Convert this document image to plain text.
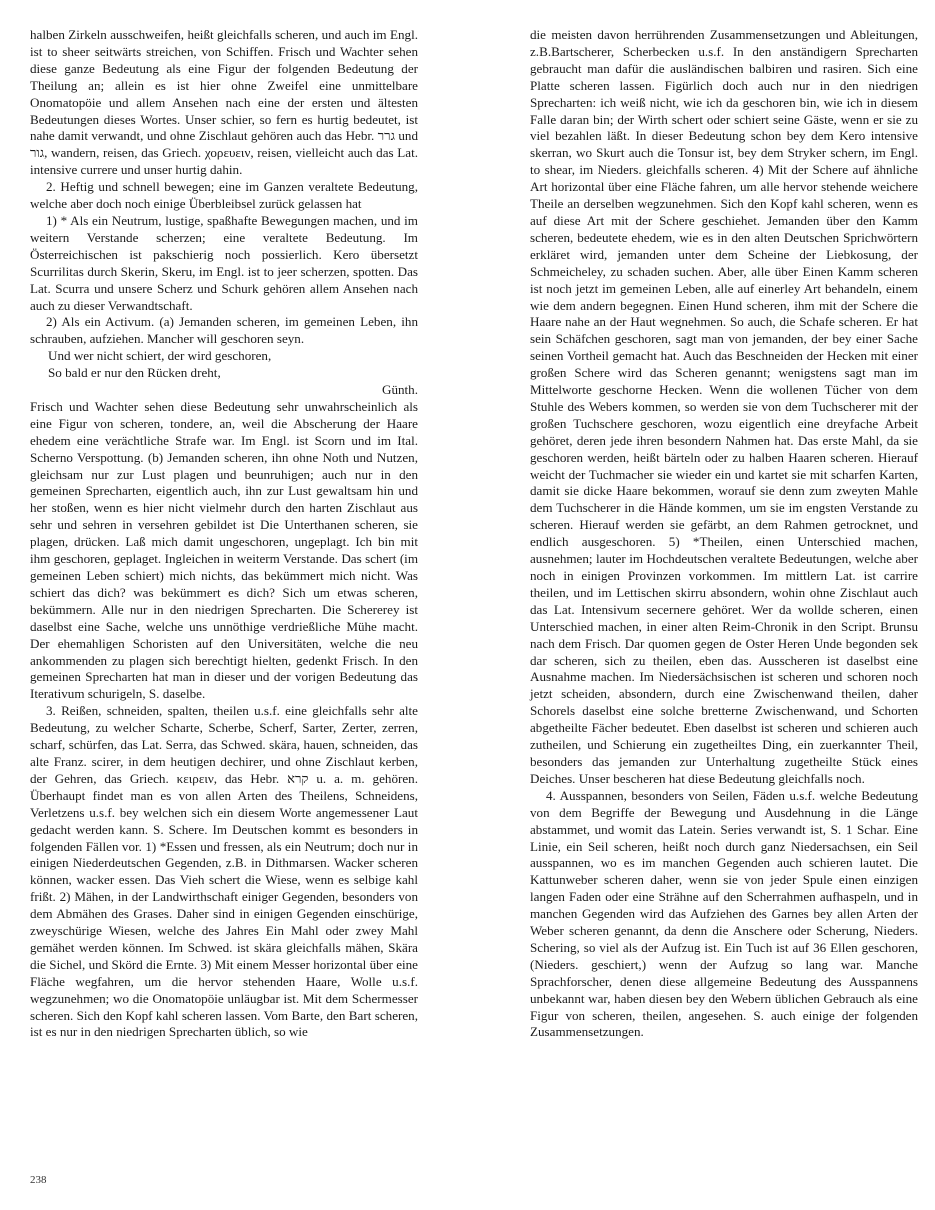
halben Zirkeln ausschweifen, heißt gleichfalls scheren, und auch im Engl. ist to sheer seitwärts streichen, von Schiffen. Frisch und Wachter sehen diese ganze Bedeutung als eine Figur der folgenden Bedeutung der Theilung an; allein es ist hier ohne Zweifel eine unmittelbare Onomatopöie und allem Ansehen nach eine der ersten und ältesten Bedeutungen dieses Wortes. Unser schier, so fern es hurtig bedeutet, ist nahe damit verwandt, und ohne Zischlaut gehören auch das Hebr. גרר und גור, wandern, reisen, das Griech. χορευειν, reisen, vielleicht auch das Lat. intensive currere und unser hurtig dahin.

2. Heftig und schnell bewegen; eine im Ganzen veraltete Bedeutung, welche aber doch noch einige Überbleibsel zurück gelassen hat

1) * Als ein Neutrum, lustige, spaßhafte Bewegungen machen, und im weitern Verstande scherzen; eine veraltete Bedeutung. Im Österreichischen ist pakschierig noch possierlich. Kero übersetzt Scurrilitas durch Skerin, Skeru, im Engl. ist to jeer scherzen, spotten. Das Lat. Scurra und unsere Scherz und Schurk gehören allem Ansehen nach auch zu dieser Verwandtschaft.

2) Als ein Activum. (a) Jemanden scheren, im gemeinen Leben, ihn schrauben, aufziehen. Mancher will geschoren seyn.

Und wer nicht schiert, der wird geschoren,

So bald er nur den Rücken dreht,

Günth.

Frisch und Wachter sehen diese Bedeutung sehr unwahrscheinlich als eine Figur von scheren, tondere, an, weil die Abscherung der Haare ehedem eine verächtliche Strafe war. Im Engl. ist Scorn und im Ital. Scherno Verspottung. (b) Jemanden scheren, ihn ohne Noth und Nutzen, gleichsam nur zur Lust plagen und beunruhigen; auch nur in den gemeinen Sprecharten, eigentlich auch, ihn zur Lust gewaltsam hin und her stoßen, wenn es hier nicht vielmehr durch den harten Zischlaut aus sehr und sehren in versehren gebildet ist Die Unterthanen scheren, sie plagen, drücken. Laß mich damit ungeschoren, ungeplagt. Ich bin mit ihm geschoren, geplaget. Ingleichen in weiterm Verstande. Das schert (im gemeinen Leben schiert) mich nichts, das bekümmert mich nicht. Was schiert das dich? was bekümmert es dich? Sich um etwas scheren, bekümmern. Alle nur in den niedrigen Sprecharten. Die Schererey ist daselbst eine Sache, welche uns unnöthige verdrießliche Mühe macht. Der ehemahligen Schoristen auf den Universitäten, welche die neu ankommenden zu plagen sich berechtigt hielten, gedenkt Frisch. In den gemeinen Sprecharten hat man in dieser und der vorigen Bedeutung das Iterativum schurigeln, S. daselbe.

3. Reißen, schneiden, spalten, theilen u.s.f. eine gleichfalls sehr alte Bedeutung, zu welcher Scharte, Scherbe, Scherf, Sarter, Zerter, zerren, scharf, schürfen, das Lat. Serra, das Schwed. skära, hauen, schneiden, das alte Franz. scirer, in dem heutigen dechirer, und ohne Zischlaut kerben, der Gehren, das Griech. κειρειν, das Hebr. קרא u. a. m. gehören. Überhaupt findet man es von allen Arten des Theilens, Schneidens, Verletzens u.s.f. bey welchen sich ein diesem Worte angemessener Laut gedacht werden kann. S. Schere. Im Deutschen kommt es besonders in folgenden Fällen vor. 1) *Essen und fressen, als ein Neutrum; doch nur in einigen Niederdeutschen Gegenden, z.B. in Dithmarsen. Wacker scheren können, wacker essen. Das Vieh schert die Wiese, wenn es selbige kahl frißt. 2) Mähen, in der Landwirthschaft einiger Gegenden, besonders von dem Abmähen des Grases. Daher sind in einigen Gegenden einschürige, zweyschürige Wiesen, welche des Jahres Ein Mahl oder zwey Mahl gemähet werden können. Im Schwed. ist skära gleichfalls mähen, Skära die Sichel, und Skörd die Ernte. 3) Mit einem Messer horizontal über eine Fläche wegfahren, um die hervor stehenden Haare, Wolle u.s.f. wegzunehmen; wo die Onomatopöie unläugbar ist. Mit dem Schermesser scheren. Sich den Kopf kahl scheren lassen. Vom Barte, den Bart scheren, ist es nur in den niedrigen Sprecharten üblich, so wie

die meisten davon herrührenden Zusammensetzungen und Ableitungen, z.B.Bartscherer, Scherbecken u.s.f. In den anständigern Sprecharten gebraucht man dafür die ausländischen balbiren und rasiren. Sich eine Platte scheren lassen. Figürlich doch auch nur in den niedrigen Sprecharten: ich weiß nicht, wie ich da geschoren bin, wie ich in diesem Falle daran bin; der Wirth schert oder schiert seine Gäste, wenn er sie zu viel bezahlen läßt. In dieser Bedeutung schon bey dem Kero intensive skerran, wo Skurt auch die Tonsur ist, bey dem Stryker schern, im Engl. to shear, im Nieders. gleichfalls scheren. 4) Mit der Schere auf ähnliche Art horizontal über eine Fläche fahren, um alle hervor stehende weichere Theile an derselben wegzunehmen. Sich den Kopf kahl scheren, wenn es auf diese Art mit der Schere geschiehet. Jemanden über den Kamm scheren, bedeutete ehedem, wie es in den alten Deutschen Sprichwörtern erkläret wird, jemanden unter dem Scheine der Liebkosung, der Schmeicheley, zu schaden suchen. Aber, alle über Einen Kamm scheren ist noch jetzt im gemeinen Leben, alle auf einerley Art behandeln, einem wie dem andern begegnen. Einen Hund scheren, ihm mit der Schere die Haare nahe an der Haut wegnehmen. So auch, die Schafe scheren. Er hat sein Schäfchen geschoren, sagt man von jemanden, der bey einer Sache seinen Vortheil gemacht hat. Auch das Beschneiden der Hecken mit einer großen Schere wird das Scheren genannt; wenigstens sagt man im Mittelworte geschorne Hecken. Wenn die wollenen Tücher von dem Stuhle des Webers kommen, so werden sie von dem Tuchscherer mit der großen Tuchschere geschoren, wozu eigentlich eine dreyfache Arbeit gehöret, deren jede ihren besondern Nahmen hat. Das erste Mahl, da sie geschoren werden, heißt bärteln oder zu halben Haaren scheren. Hierauf weicht der Tuchmacher sie wieder ein und kartet sie mit scharfen Karten, damit sie dicke Haare bekommen, worauf sie denn zum zweyten Mahle dem Tuchscherer in die Hände kommen, um sie im engsten Verstande zu scheren. Hierauf werden sie gefärbt, an dem Rahmen getrocknet, und endlich ausgeschoren. 5) *Theilen, einen Unterschied machen, ausnehmen; lauter im Hochdeutschen veraltete Bedeutungen, welche aber noch in einigen Provinzen vorkommen. Im mittlern Lat. ist carrire theilen, und im Lettischen skirru absondern, wohin ohne Zischlaut auch das Lat. Intensivum secernere gehöret. Wer da wollde scheren, einen Unterschied machen, in einer alten Reim-Chronik in den Script. Brunsu nach dem Frisch. Dar quomen gegen de Oster Heren Unde begonden sek dar scheren, sich zu theilen, eben das. Ausscheren ist daselbst eine Ausnahme machen. Im Niedersächsischen ist scheren und schoren noch jetzt scheiden, absondern, durch eine Zwischenwand theilen, daher Schorels daselbst eine solche bretterne Zwischenwand, und Schorten abgetheilte Fächer bedeutet. Eben daselbst ist scheren und schieren auch zutheilen, und Schierung ein zugetheiltes Ding, ein zuerkannter Theil, besonders das jemanden zur Unterhaltung zugetheilte Stück eines Deiches. Unser bescheren hat diese Bedeutung gleichfalls noch.

4. Ausspannen, besonders von Seilen, Fäden u.s.f. welche Bedeutung von dem Begriffe der Bewegung und Ausdehnung in die Länge abstammet, und womit das Latein. Series verwandt ist, S. 1 Schar. Eine Linie, ein Seil scheren, heißt noch durch ganz Niedersachsen, ein Seil ausspannen, wo es im manchen Gegenden auch schieren lautet. Die Kattunweber scheren daher, wenn sie von jeder Spule einen einzigen langen Faden oder eine Strähne auf den Scherrahmen aufhaspeln, und in manchen Gegenden wird das Aufziehen des Garnes bey allen Arten der Weber scheren genannt, da denn die Anschere oder Scherung, Nieders. Schering, so viel als der Aufzug ist. Ein Tuch ist auf 36 Ellen geschoren, (Nieders. geschiert,) wenn der Aufzug so lang war. Manche Sprachforscher, denen diese allgemeine Bedeutung des Ausspannens unbekannt war, haben diesen bey den Webern üblichen Gebrauch als eine Figur von scheren, theilen, angesehen. S. auch einige der folgenden Zusammensetzungen.

238
